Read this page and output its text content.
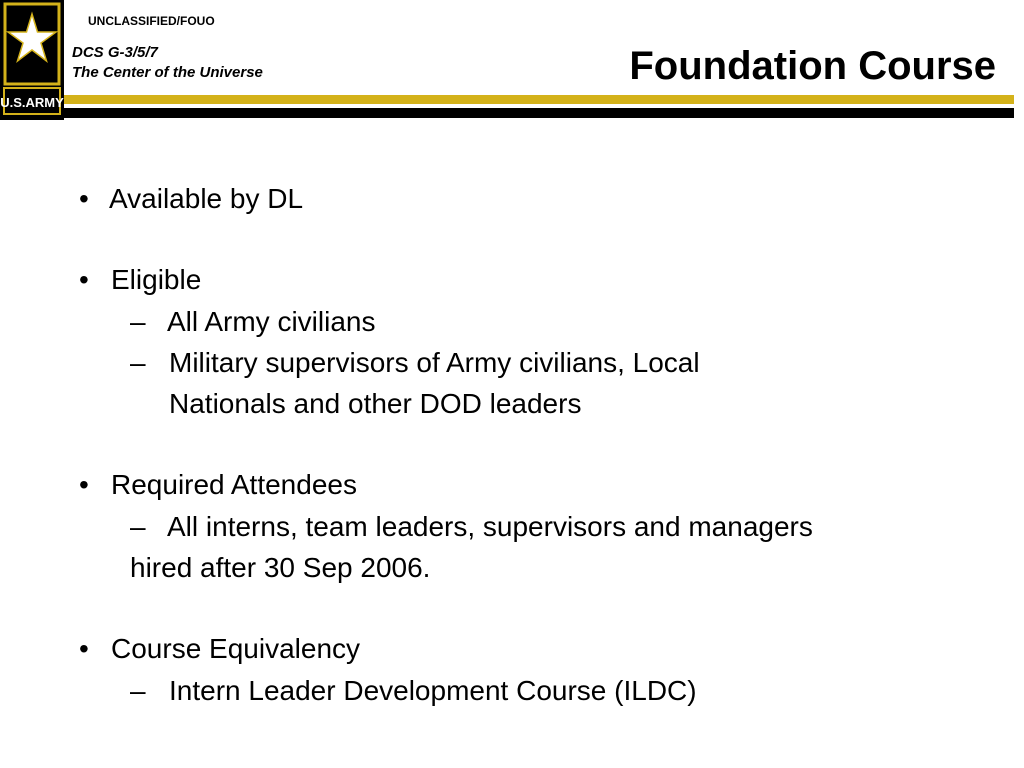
U.S.ARMY
UNCLASSIFIED/FOUO
DCS G-3/5/7
The Center of the Universe	Foundation Course
• Available by DL
• Eligible
– All Army civilians
– Military supervisors of Army civilians, Local
Nationals and other DOD leaders
• Required Attendees
– All interns, team leaders, supervisors and managers
hired after 30 Sep 2006.
• Course Equivalency
– Intern Leader Development Course (ILDC)
